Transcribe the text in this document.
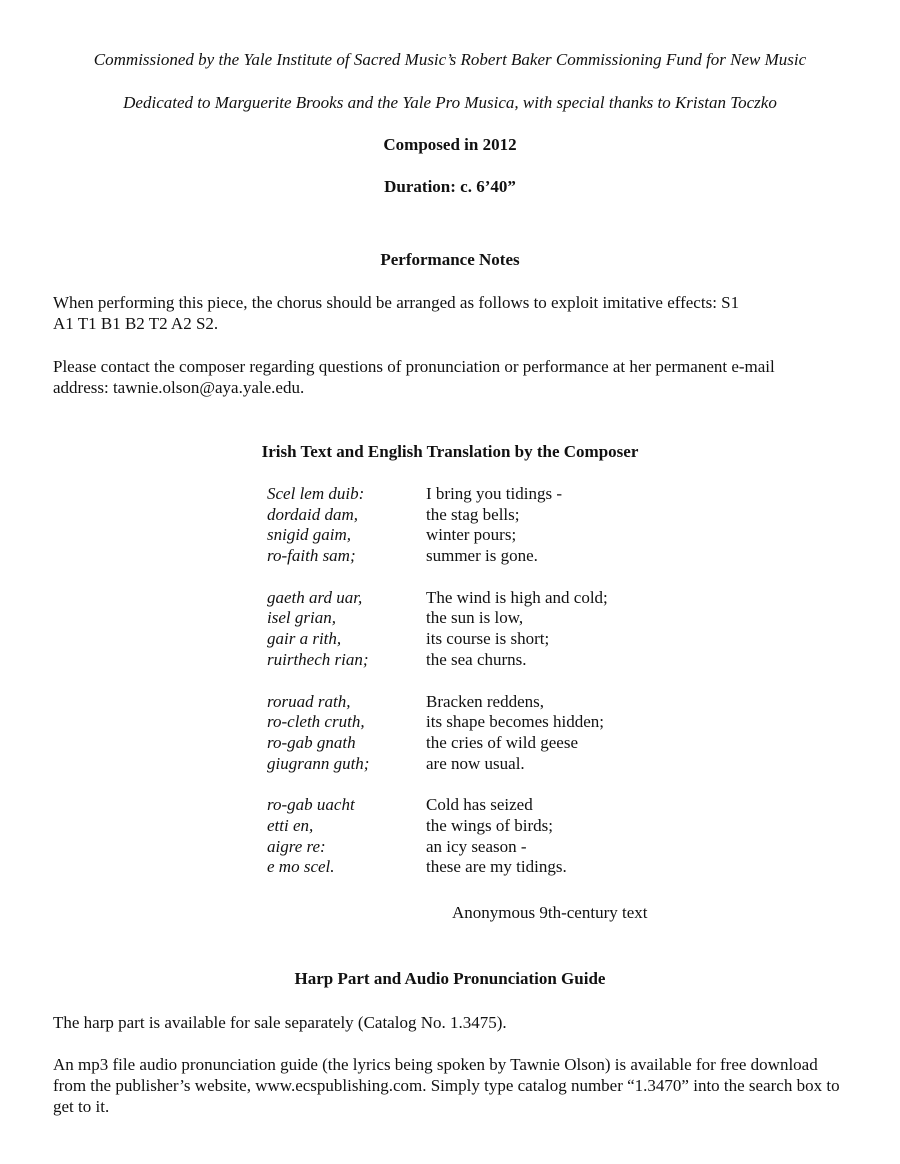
Commissioned by the Yale Institute of Sacred Music’s Robert Baker Commissioning Fund for New Music
Dedicated to Marguerite Brooks and the Yale Pro Musica, with special thanks to Kristan Toczko
Composed in 2012
Duration: c. 6’40”
Performance Notes

When performing this piece, the chorus should be arranged as follows to exploit imitative effects: S1 A1 T1 B1 B2 T2 A2 S2.

Please contact the composer regarding questions of pronunciation or performance at her permanent e-mail address: tawnie.olson@aya.yale.edu.

Irish Text and English Translation by the Composer
Scel lem duib:	I bring you tidings -
dordaid dam,	the stag bells;
snigid gaim,	winter pours;
ro-faith sam;	summer is gone.
gaeth ard uar,	The wind is high and cold;
isel grian,	the sun is low,
gair a rith,	its course is short;
ruirthech rian;	the sea churns.
roruad rath,	Bracken reddens,
ro-cleth cruth,	its shape becomes hidden;
ro-gab gnath	the cries of wild geese
giugrann guth;	are now usual.
ro-gab uacht	Cold has seized
etti en,	the wings of birds;
aigre re:	an icy season -
e mo scel.	these are my tidings.
Anonymous 9th-century text
Harp Part and Audio Pronunciation Guide

The harp part is available for sale separately (Catalog No. 1.3475).

An mp3 file audio pronunciation guide (the lyrics being spoken by Tawnie Olson) is available for free download from the publisher’s website, www.ecspublishing.com. Simply type catalog number “1.3470” into the search box to get to it.
